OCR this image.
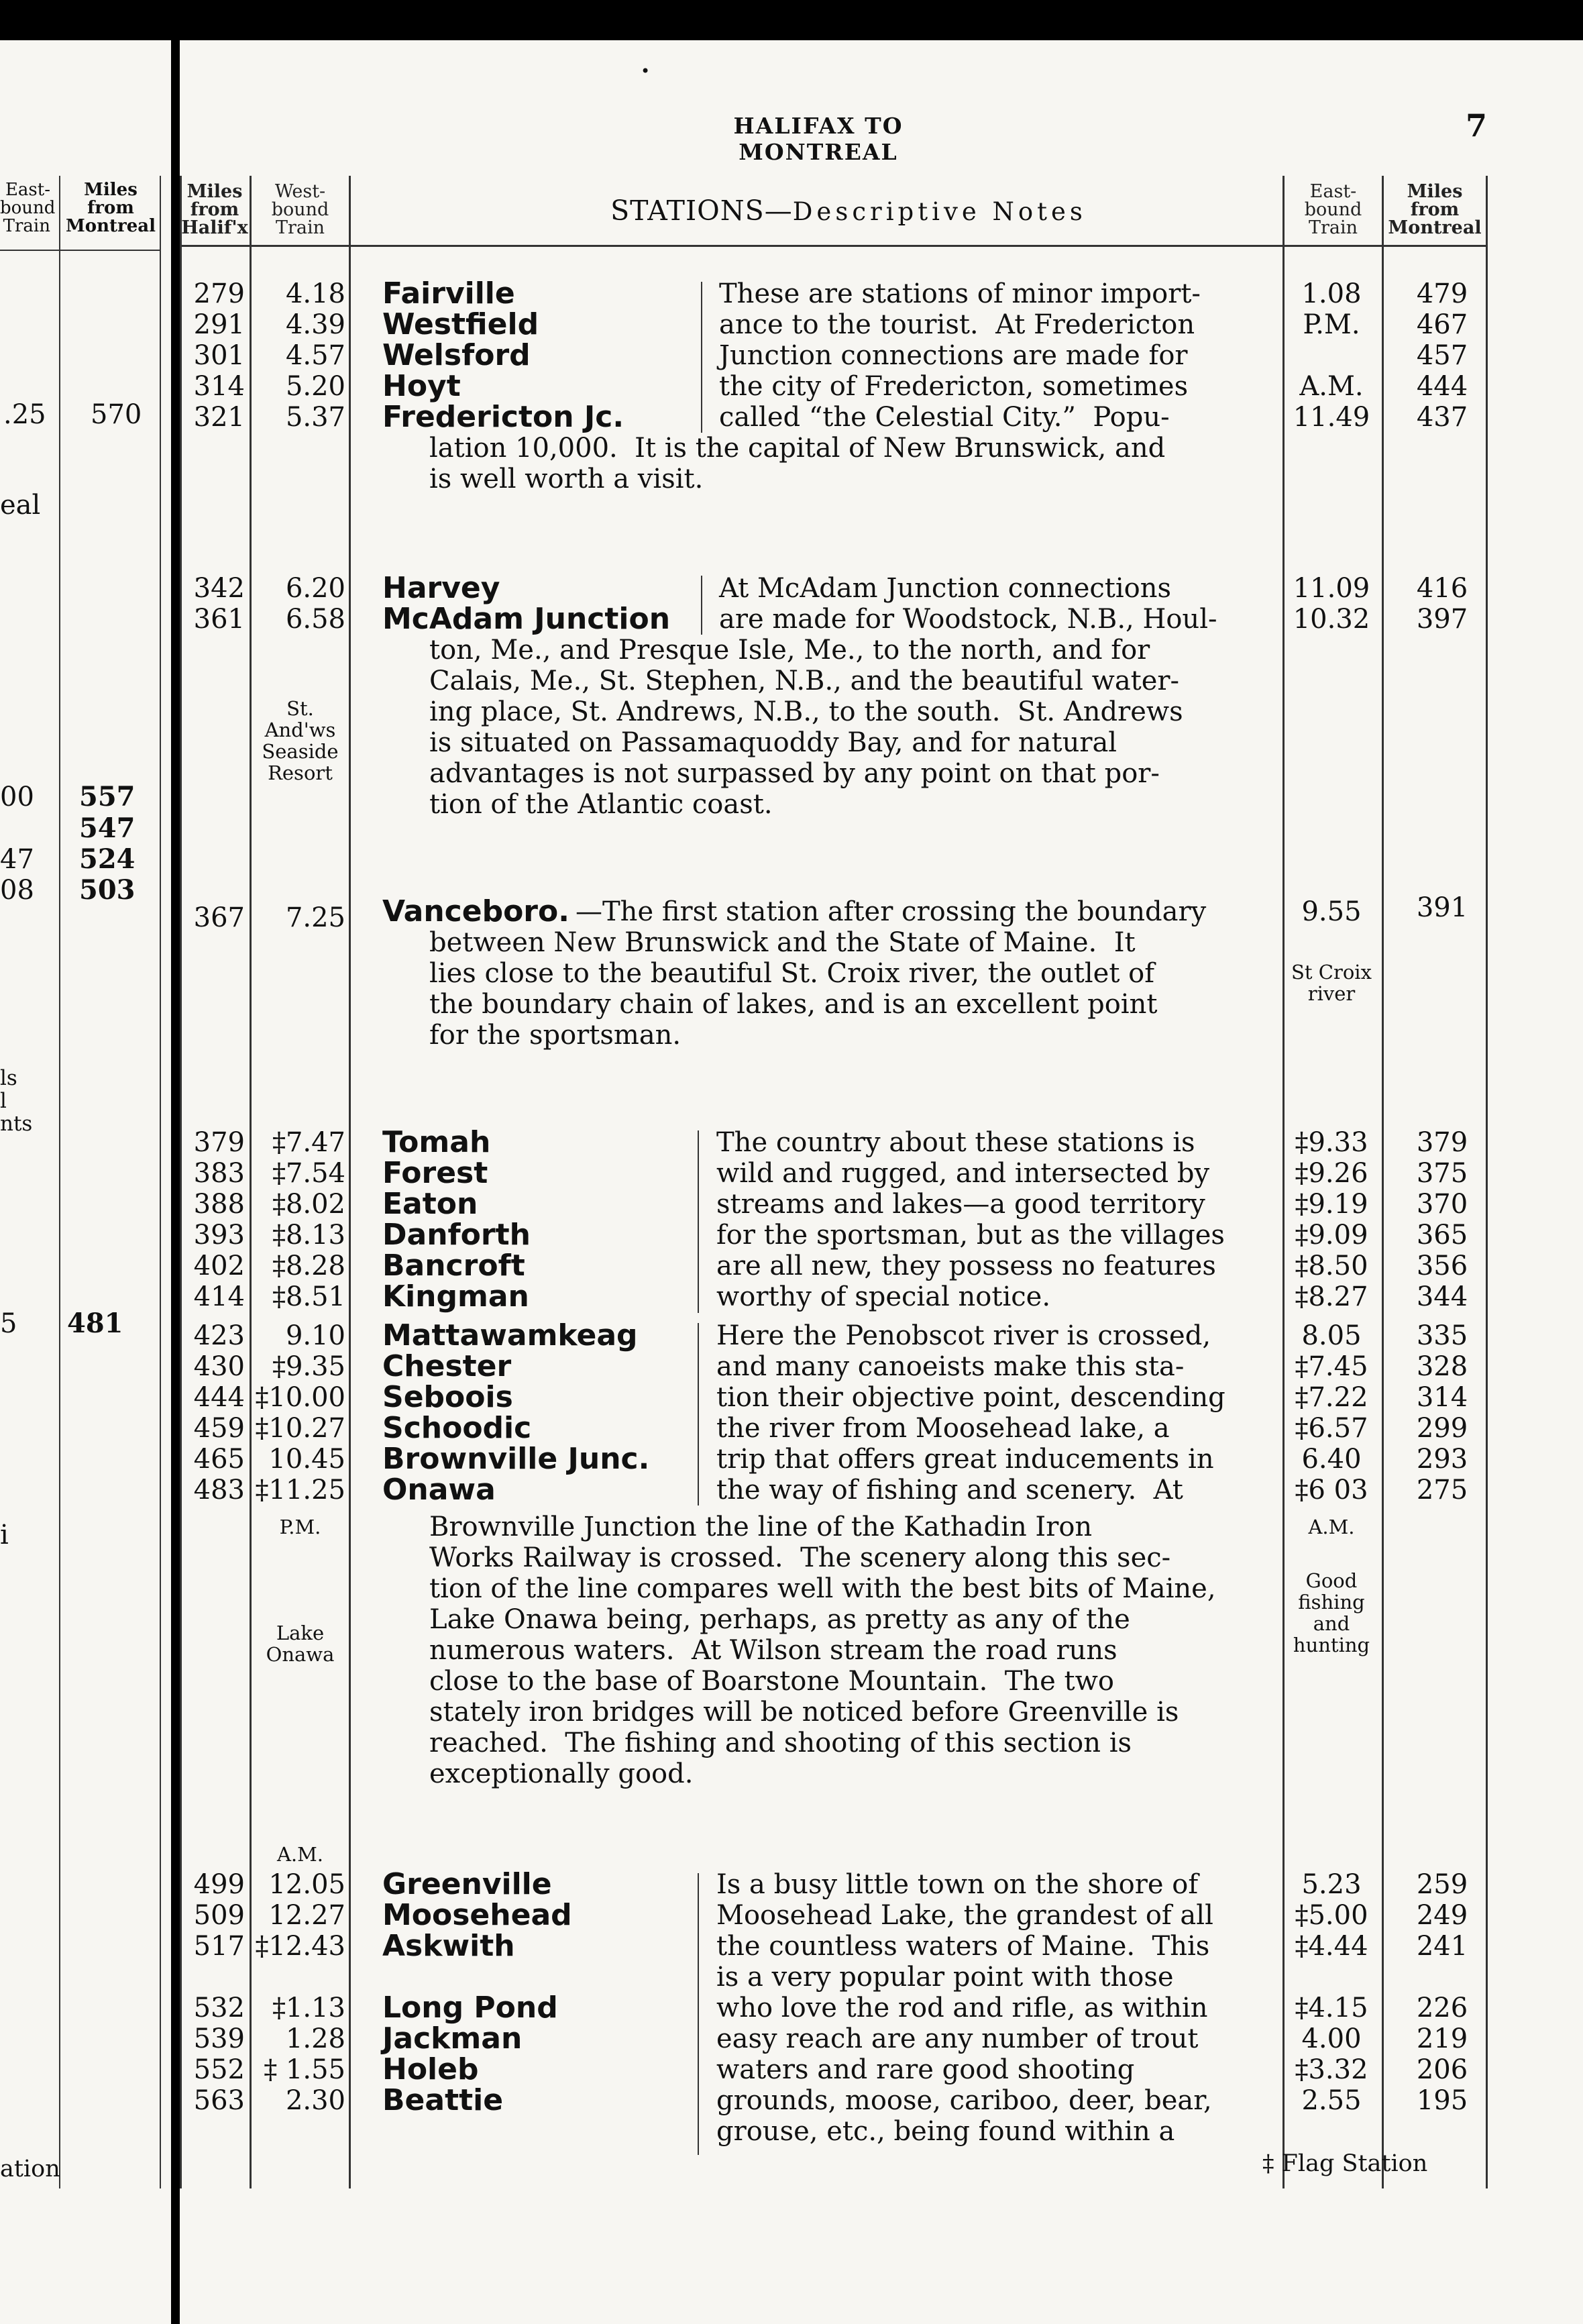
East- bound Train
Miles from Montreal
.25 570
eal
00 557
547
47 524
08 503
ls
l
nts
5 481
i
ation
•
HALIFAX TO MONTREAL
7
Miles from Halif'x
West- bound Train
STATIONS—Descriptive Notes
East- bound Train
Miles from Montreal
279
291
301
314
321
4.18
4.39
4.57
5.20
5.37
Fairville
Westfield
Welsford
Hoyt
Fredericton Jc.
These are stations of minor import-
ance to the tourist.  At Fredericton
Junction connections are made for
the city of Fredericton, sometimes
called “the Celestial City.”  Popu-
lation 10,000.  It is the capital of New Brunswick, and
is well worth a visit.
1.08
P.M.

A.M.
11.49
479
467
457
444
437
342
361
6.20
6.58
Harvey
McAdam Junction
At McAdam Junction connections
are made for Woodstock, N.B., Houl-
ton, Me., and Presque Isle, Me., to the north, and for
Calais, Me., St. Stephen, N.B., and the beautiful water-
ing place, St. Andrews, N.B., to the south.  St. Andrews
is situated on Passamaquoddy Bay, and for natural
advantages is not surpassed by any point on that por-
tion of the Atlantic coast.
St. And'ws Seaside Resort
11.09
10.32
416
397
367	7.25 Vanceboro. —The first station after crossing the boundary
between New Brunswick and the State of Maine.  It
lies close to the beautiful St. Croix river, the outlet of
the boundary chain of lakes, and is an excellent point
for the sportsman.
9.55	391
St Croix river
379
383
388
393
402
414
‡7.47
‡7.54
‡8.02
‡8.13
‡8.28
‡8.51
Tomah
Forest
Eaton
Danforth
Bancroft
Kingman
The country about these stations is
wild and rugged, and intersected by
streams and lakes—a good territory
for the sportsman, but as the villages
are all new, they possess no features
worthy of special notice.
‡9.33
‡9.26
‡9.19
‡9.09
‡8.50
‡8.27
379
375
370
365
356
344
423
430
444
459
465
483
9.10
‡9.35
‡10.00
‡10.27
10.45
‡11.25
P.M.
Mattawamkeag
Chester
Seboois
Schoodic
Brownville Junc.
Onawa
Here the Penobscot river is crossed,
and many canoeists make this sta-
tion their objective point, descending
the river from Moosehead lake, a
trip that offers great inducements in
the way of fishing and scenery.  At
Brownville Junction the line of the Kathadin Iron
Works Railway is crossed.  The scenery along this sec-
tion of the line compares well with the best bits of Maine,
Lake Onawa being, perhaps, as pretty as any of the
numerous waters.  At Wilson stream the road runs
close to the base of Boarstone Mountain.  The two
stately iron bridges will be noticed before Greenville is
reached.  The fishing and shooting of this section is
exceptionally good.
Lake Onawa
8.05
‡7.45
‡7.22
‡6.57
6.40
‡6 03
A.M.
Good fishing and hunting
335
328
314
299
293
275
A.M.
499
509
517

532
539
552
563
12.05
12.27
‡12.43

‡1.13
1.28
‡ 1.55
2.30
Greenville
Moosehead
Askwith

Long Pond
Jackman
Holeb
Beattie
Is a busy little town on the shore of
Moosehead Lake, the grandest of all
the countless waters of Maine.  This
is a very popular point with those
who love the rod and rifle, as within
easy reach are any number of trout
waters and rare good shooting
grounds, moose, cariboo, deer, bear,
grouse, etc., being found within a
5.23
‡5.00
‡4.44

‡4.15
4.00
‡3.32
2.55
259
249
241

226
219
206
195
‡ Flag Station
